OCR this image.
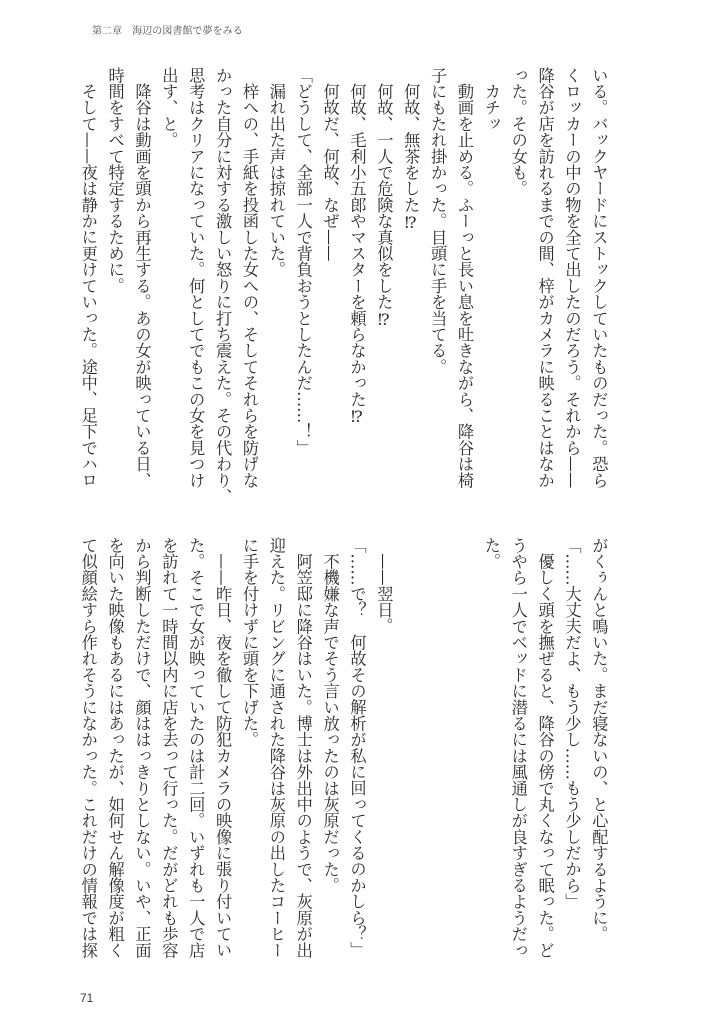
第二章　海辺の図書館で夢をみる
いる。バックヤードにストックしていたものだった。恐ら
くロッカーの中の物を全て出したのだろう。それから——
降谷が店を訪れるまでの間、梓がカメラに映ることはなか
った。その女も。
　カチッ
　動画を止める。ふーっと長い息を吐きながら、降谷は椅
子にもたれ掛かった。目頭に手を当てる。
　何故、無茶をした⁉
　何故、一人で危険な真似をした⁉
　何故、毛利小五郎やマスターを頼らなかった⁉
　何故だ、何故、なぜ——
「どうして、全部一人で背負おうとしたんだ……！」
　漏れ出た声は掠れていた。
　梓への、手紙を投函した女への、そしてそれらを防げな
かった自分に対する激しい怒りに打ち震えた。その代わり、
思考はクリアになっていた。何としてでもこの女を見つけ
出す、と。
　降谷は動画を頭から再生する。あの女が映っている日、
時間をすべて特定するために。
　そして——夜は静かに更けていった。途中、足下でハロ
がくぅんと鳴いた。まだ寝ないの、と心配するように。
「……大丈夫だよ、もう少し……もう少しだから」
　優しく頭を撫ぜると、降谷の傍で丸くなって眠った。ど
うやら一人でベッドに潜るには風通しが良すぎるようだっ
た。
　——翌日。
「……で？　何故その解析が私に回ってくるのかしら？」
　不機嫌な声でそう言い放ったのは灰原だった。
　阿笠邸に降谷はいた。博士は外出中のようで、灰原が出
迎えた。リビングに通された降谷は灰原の出したコーヒー
に手を付けずに頭を下げた。
　——昨日、夜を徹して防犯カメラの映像に張り付いてい
た。そこで女が映っていたのは計二回。いずれも一人で店
を訪れて一時間以内に店を去って行った。だがどれも歩容
から判断しただけで、顔ははっきりとしない。いや、正面
を向いた映像もあるにはあったが、如何せん解像度が粗く
て似顔絵すら作れそうになかった。これだけの情報では探
71
